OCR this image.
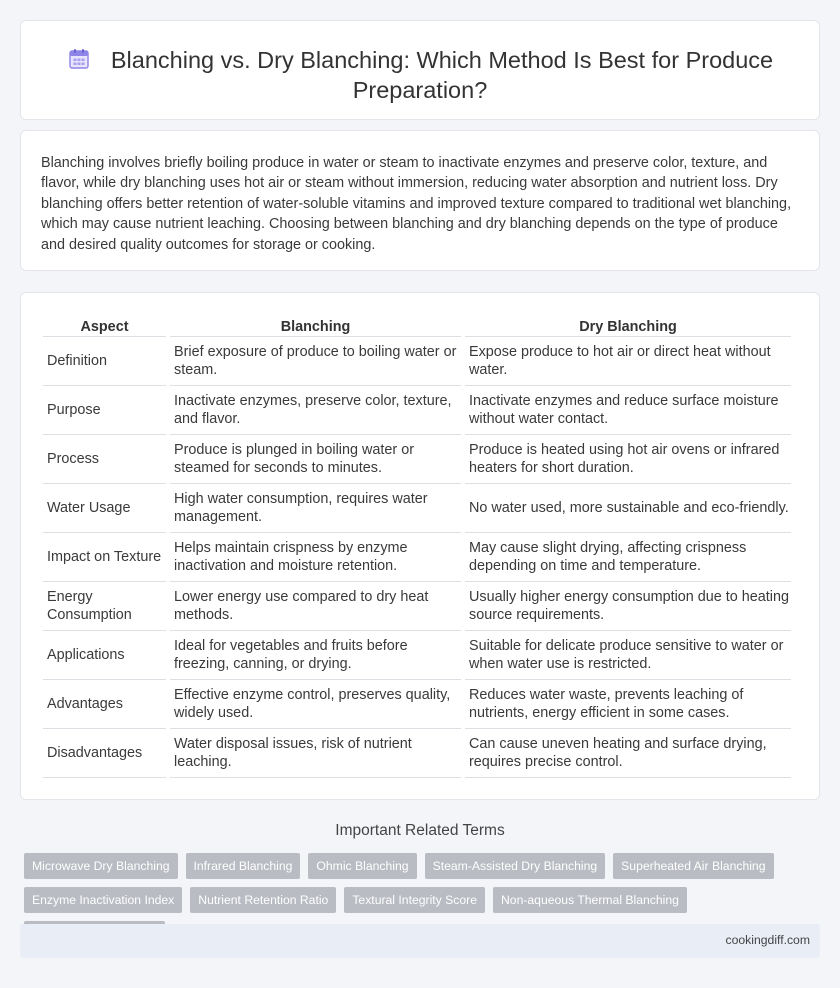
Blanching vs. Dry Blanching: Which Method Is Best for Produce Preparation?

Blanching involves briefly boiling produce in water or steam to inactivate enzymes and preserve color, texture, and flavor, while dry blanching uses hot air or steam without immersion, reducing water absorption and nutrient loss. Dry blanching offers better retention of water-soluble vitamins and improved texture compared to traditional wet blanching, which may cause nutrient leaching. Choosing between blanching and dry blanching depends on the type of produce and desired quality outcomes for storage or cooking.

Aspect	Blanching	Dry Blanching
Definition	Brief exposure of produce to boiling water or steam.	Expose produce to hot air or direct heat without water.
Purpose	Inactivate enzymes, preserve color, texture, and flavor.	Inactivate enzymes and reduce surface moisture without water contact.
Process	Produce is plunged in boiling water or steamed for seconds to minutes.	Produce is heated using hot air ovens or infrared heaters for short duration.
Water Usage	High water consumption, requires water management.	No water used, more sustainable and eco-friendly.
Impact on Texture	Helps maintain crispness by enzyme inactivation and moisture retention.	May cause slight drying, affecting crispness depending on time and temperature.
Energy Consumption	Lower energy use compared to dry heat methods.	Usually higher energy consumption due to heating source requirements.
Applications	Ideal for vegetables and fruits before freezing, canning, or drying.	Suitable for delicate produce sensitive to water or when water use is restricted.
Advantages	Effective enzyme control, preserves quality, widely used.	Reduces water waste, prevents leaching of nutrients, energy efficient in some cases.
Disadvantages	Water disposal issues, risk of nutrient leaching.	Can cause uneven heating and surface drying, requires precise control.
Important Related Terms
Microwave Dry Blanching	Infrared Blanching	Ohmic Blanching	Steam-Assisted Dry Blanching	Superheated Air Blanching
Enzyme Inactivation Index	Nutrient Retention Ratio	Textural Integrity Score	Non-aqueous Thermal Blanching
cookingdiff.com
